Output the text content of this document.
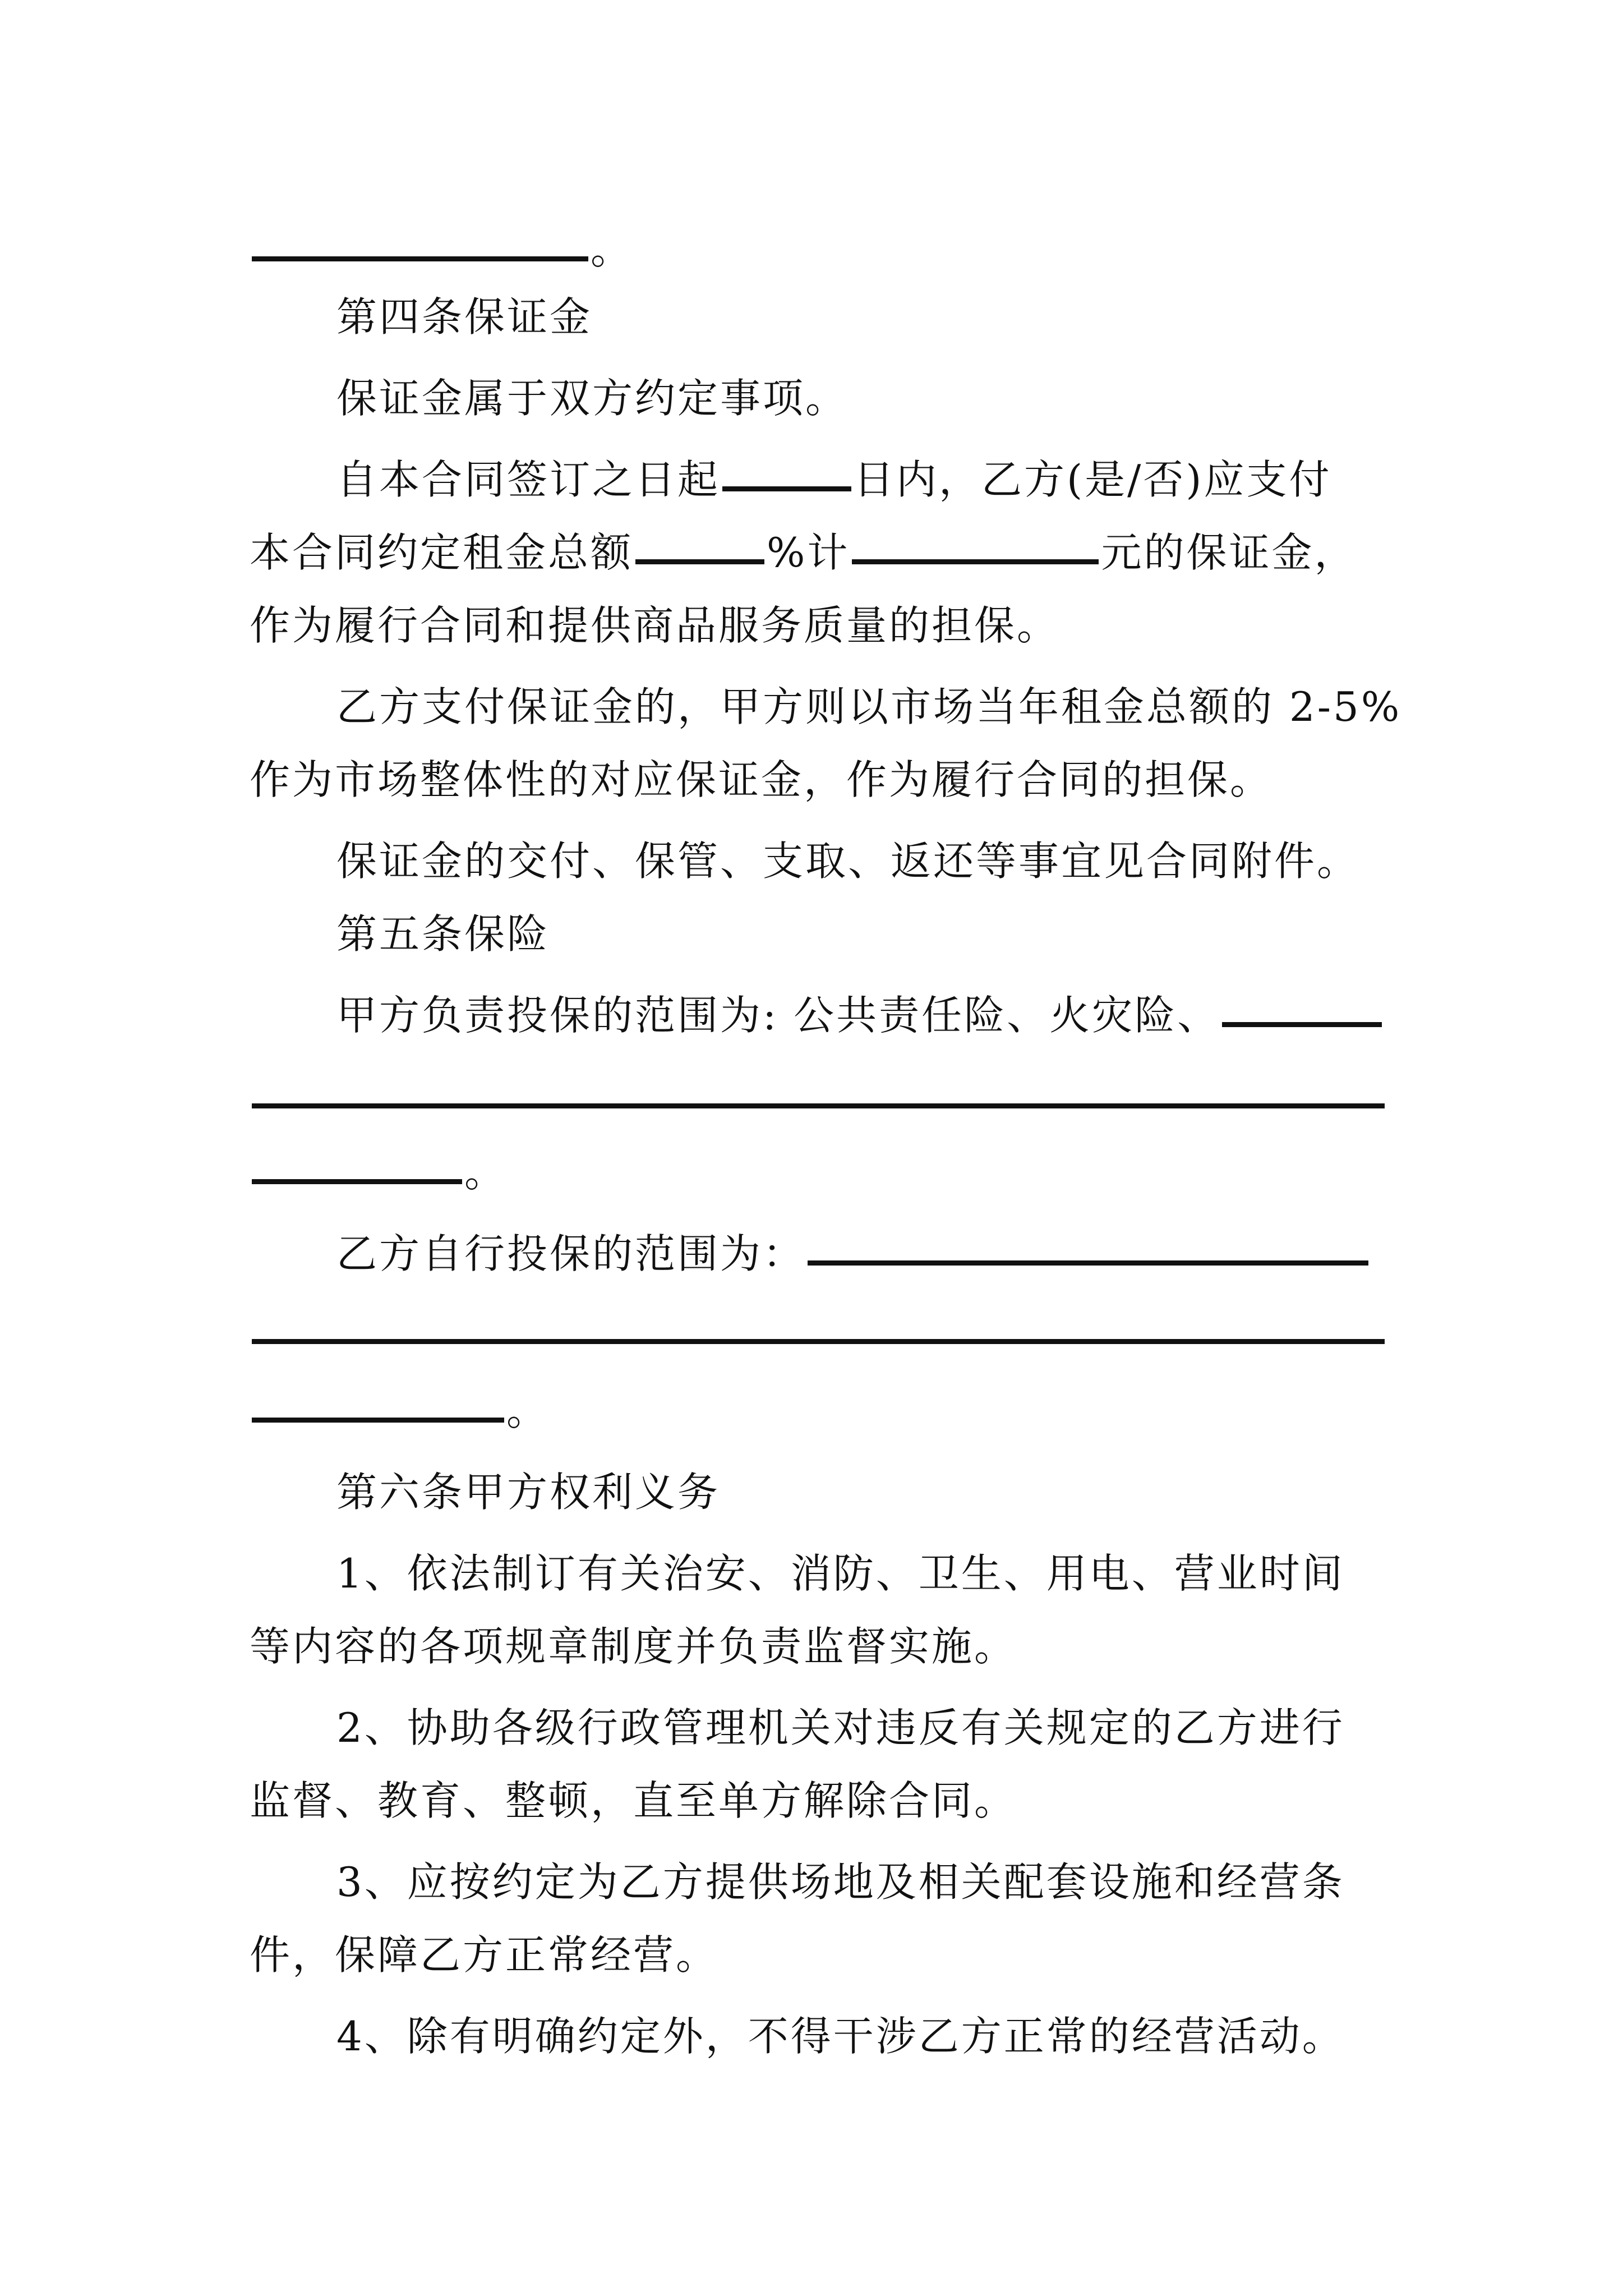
。
第四条保证金
保证金属于双方约定事项。
自本合同签订之日起	日内，乙方(是/否)应支付
本合同约定租金总额	%计	元的保证金，
作为履行合同和提供商品服务质量的担保。
乙方支付保证金的，甲方则以市场当年租金总额的 2-5%
作为市场整体性的对应保证金，作为履行合同的担保。
保证金的交付、保管、支取、返还等事宜见合同附件。
第五条保险
甲方负责投保的范围为: 公共责任险、火灾险、
。
乙方自行投保的范围为：
。
第六条甲方权利义务
1、依法制订有关治安、消防、卫生、用电、营业时间
等内容的各项规章制度并负责监督实施。
2、协助各级行政管理机关对违反有关规定的乙方进行
监督、教育、整顿，直至单方解除合同。
3、应按约定为乙方提供场地及相关配套设施和经营条
件，保障乙方正常经营。
4、除有明确约定外，不得干涉乙方正常的经营活动。
